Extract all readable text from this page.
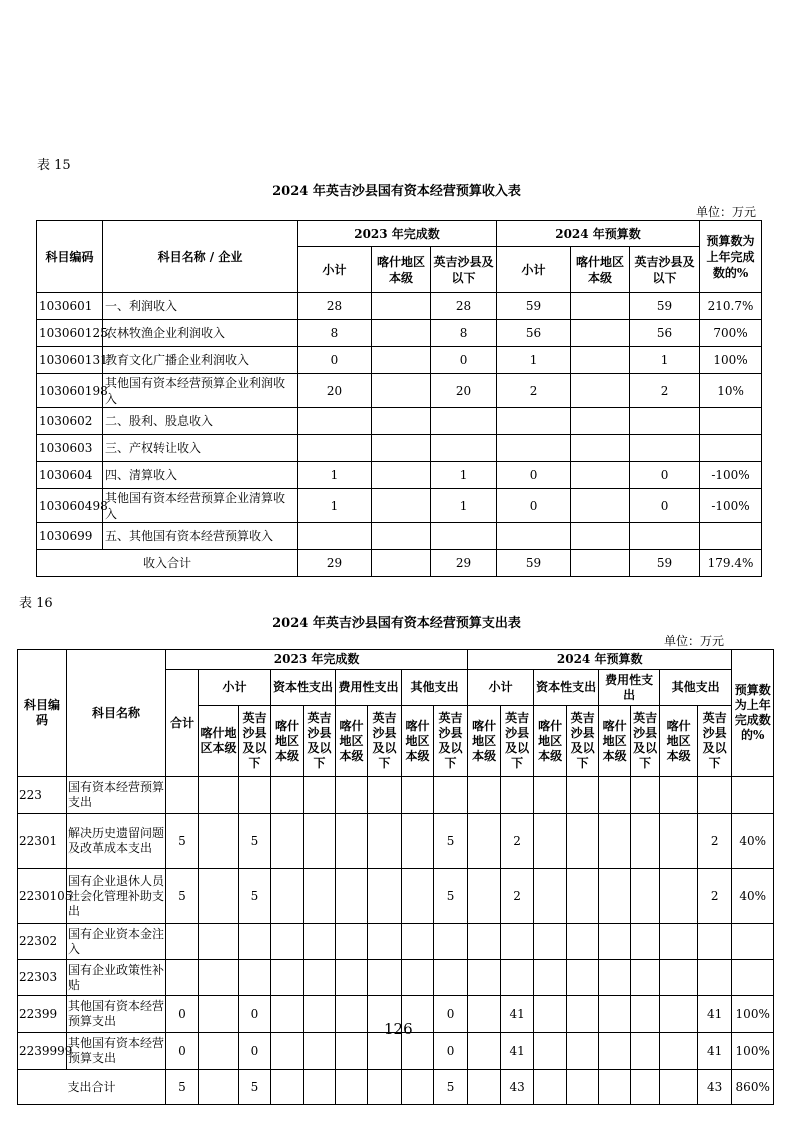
表 15
2024 年英吉沙县国有资本经营预算收入表
单位：万元
科目编码	科目名称 / 企业	2023 年完成数			2024 年预算数			预算数为上年完成数的%
		小计	喀什地区本级	英吉沙县及以下	小计	喀什地区本级	英吉沙县及以下	
1030601	一、利润收入	28		28	59		59	210.7%
103060125	农林牧渔企业利润收入	8		8	56		56	700%
103060131	教育文化广播企业利润收入	0		0	1		1	100%
103060198	其他国有资本经营预算企业利润收入	20		20	2		2	10%
1030602	二、股利、股息收入							
1030603	三、产权转让收入							
1030604	四、清算收入	1		1	0		0	-100%
103060498	其他国有资本经营预算企业清算收入	1		1	0		0	-100%
1030699	五、其他国有资本经营预算收入							
收入合计		29		29	59		59	179.4%
表 16
2024 年英吉沙县国有资本经营预算支出表
单位：万元
科目编码	科目名称	2023 年完成数									2024 年预算数								预算数为上年完成数的%
		合计	小计		资本性支出		费用性支出		其他支出		小计		资本性支出		费用性支出		其他支出		
			喀什地区本级	英吉沙县及以下	喀什地区本级	英吉沙县及以下	喀什地区本级	英吉沙县及以下	喀什地区本级	英吉沙县及以下	喀什地区本级	英吉沙县及以下	喀什地区本级	英吉沙县及以下	喀什地区本级	英吉沙县及以下	喀什地区本级	英吉沙县及以下	
223	国有资本经营预算支出																		
22301	解决历史遗留问题及改革成本支出	5		5						5		2						2	40%
2230105	国有企业退休人员社会化管理补助支出	5		5						5		2						2	40%
22302	国有企业资本金注入																		
22303	国有企业政策性补贴																		
22399	其他国有资本经营预算支出	0		0						0		41						41	100%
2239999	其他国有资本经营预算支出	0		0						0		41						41	100%
支出合计		5		5						5		43						43	860%
126
